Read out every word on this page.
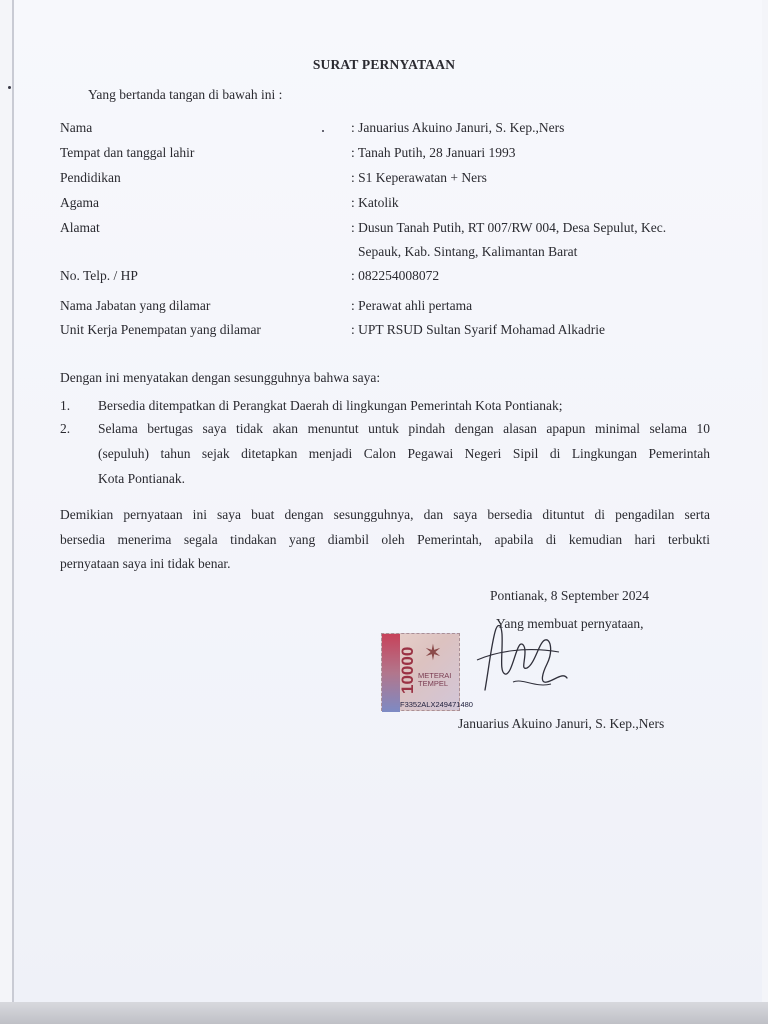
SURAT PERNYATAAN
Yang bertanda tangan di bawah ini :
Nama	: Januarius Akuino Januri, S. Kep.,Ners
Tempat dan tanggal lahir	: Tanah Putih, 28 Januari 1993
Pendidikan	: S1 Keperawatan + Ners
Agama	: Katolik
Alamat	: Dusun Tanah Putih, RT 007/RW 004, Desa Sepulut, Kec.
Sepauk, Kab. Sintang, Kalimantan Barat
No. Telp. / HP	: 082254008072
Nama Jabatan yang dilamar	: Perawat ahli pertama
Unit Kerja Penempatan yang dilamar	: UPT RSUD Sultan Syarif Mohamad Alkadrie
Dengan ini menyatakan dengan sesungguhnya bahwa saya:
1. Bersedia ditempatkan di Perangkat Daerah di lingkungan Pemerintah Kota Pontianak;
2. Selama bertugas saya tidak akan menuntut untuk pindah dengan alasan apapun minimal selama 10
(sepuluh) tahun sejak ditetapkan menjadi Calon Pegawai Negeri Sipil di Lingkungan Pemerintah
Kota Pontianak.
Demikian pernyataan ini saya buat dengan sesungguhnya, dan saya bersedia dituntut di pengadilan serta
bersedia menerima segala tindakan yang diambil oleh Pemerintah, apabila di kemudian hari terbukti
pernyataan saya ini tidak benar.
Pontianak, 8 September 2024
Yang membuat pernyataan,
10000 ✶
METERAI TEMPEL
F3352ALX249471480
Januarius Akuino Januri, S. Kep.,Ners
